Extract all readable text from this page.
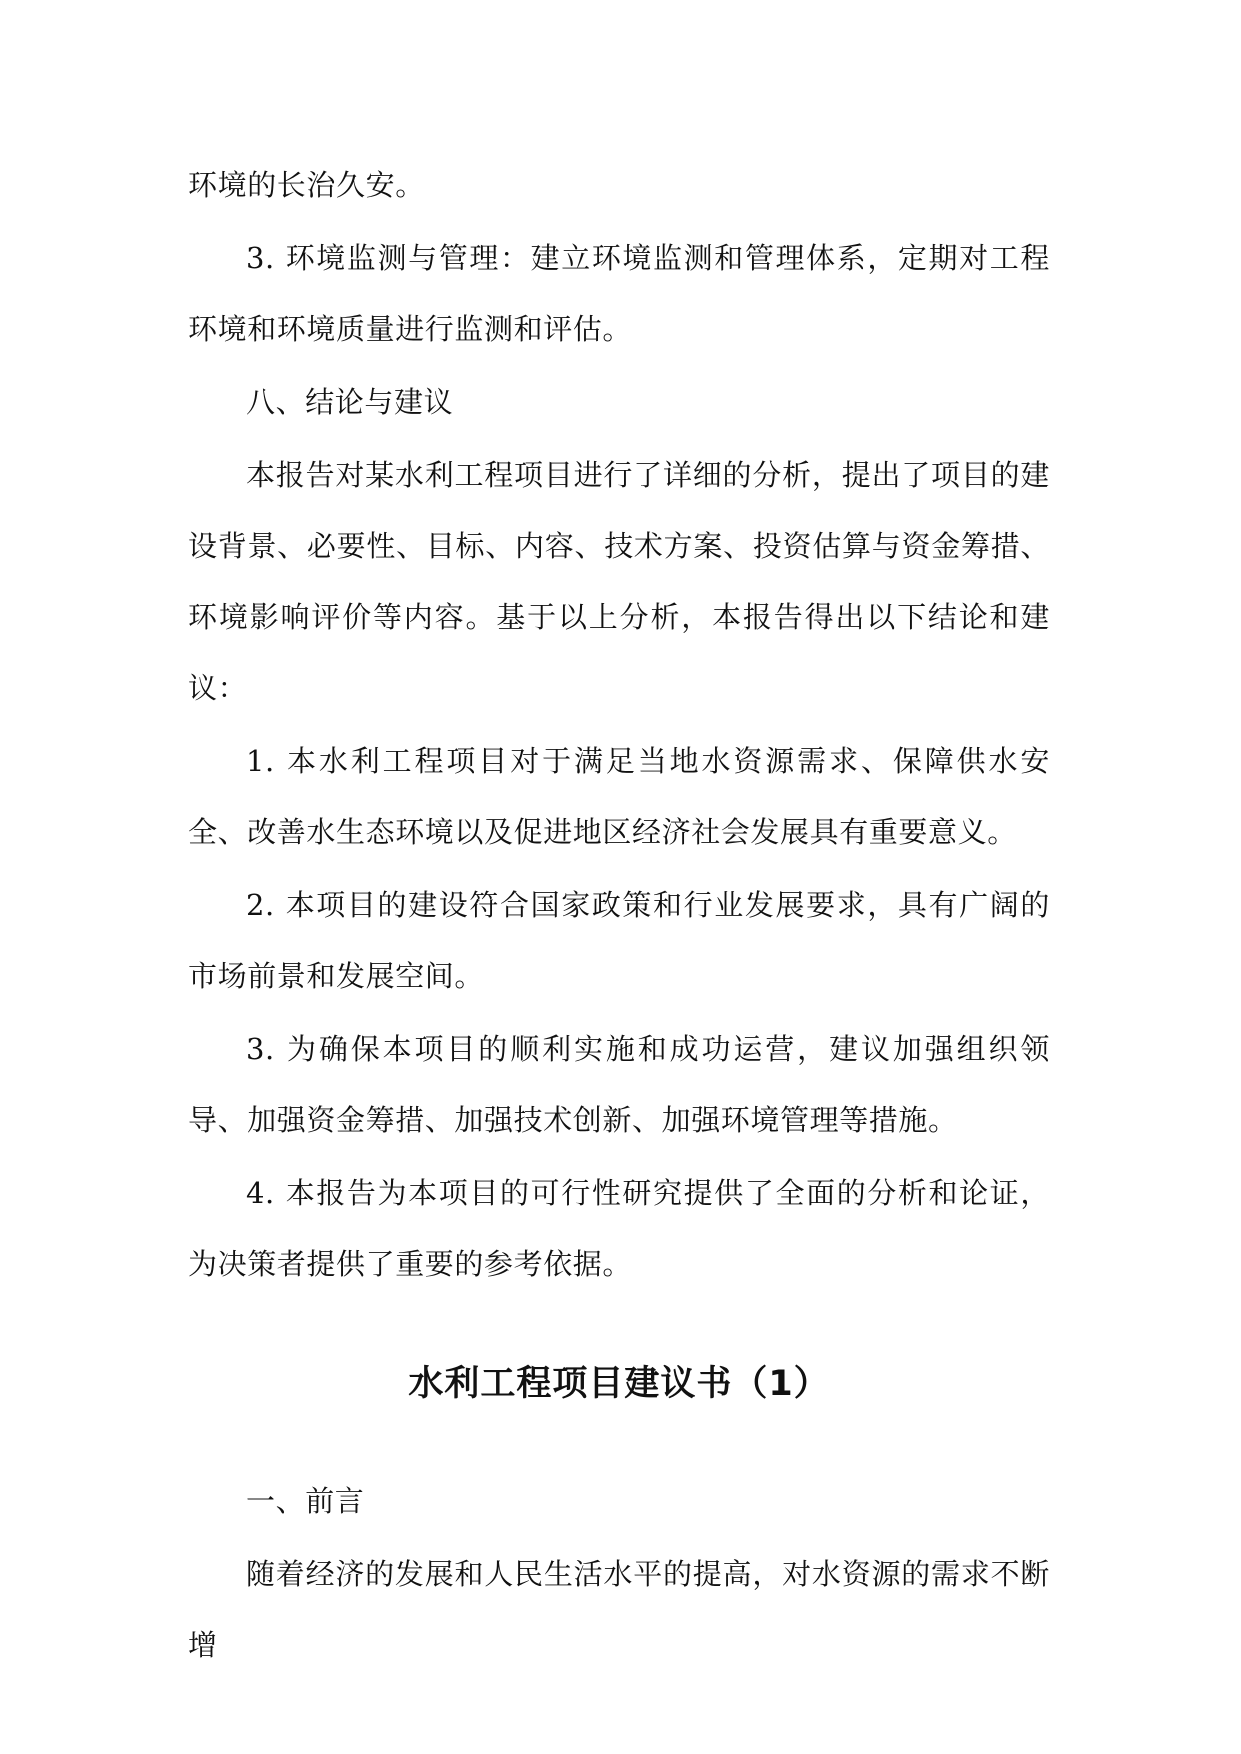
环境的长治久安。

3. 环境监测与管理：建立环境监测和管理体系，定期对工程环境和环境质量进行监测和评估。

八、结论与建议

本报告对某水利工程项目进行了详细的分析，提出了项目的建设背景、必要性、目标、内容、技术方案、投资估算与资金筹措、环境影响评价等内容。基于以上分析，本报告得出以下结论和建议：

1. 本水利工程项目对于满足当地水资源需求、保障供水安全、改善水生态环境以及促进地区经济社会发展具有重要意义。

2. 本项目的建设符合国家政策和行业发展要求，具有广阔的市场前景和发展空间。

3. 为确保本项目的顺利实施和成功运营，建议加强组织领导、加强资金筹措、加强技术创新、加强环境管理等措施。

4. 本报告为本项目的可行性研究提供了全面的分析和论证，为决策者提供了重要的参考依据。

水利工程项目建议书（1）

一、前言

随着经济的发展和人民生活水平的提高，对水资源的需求不断增
